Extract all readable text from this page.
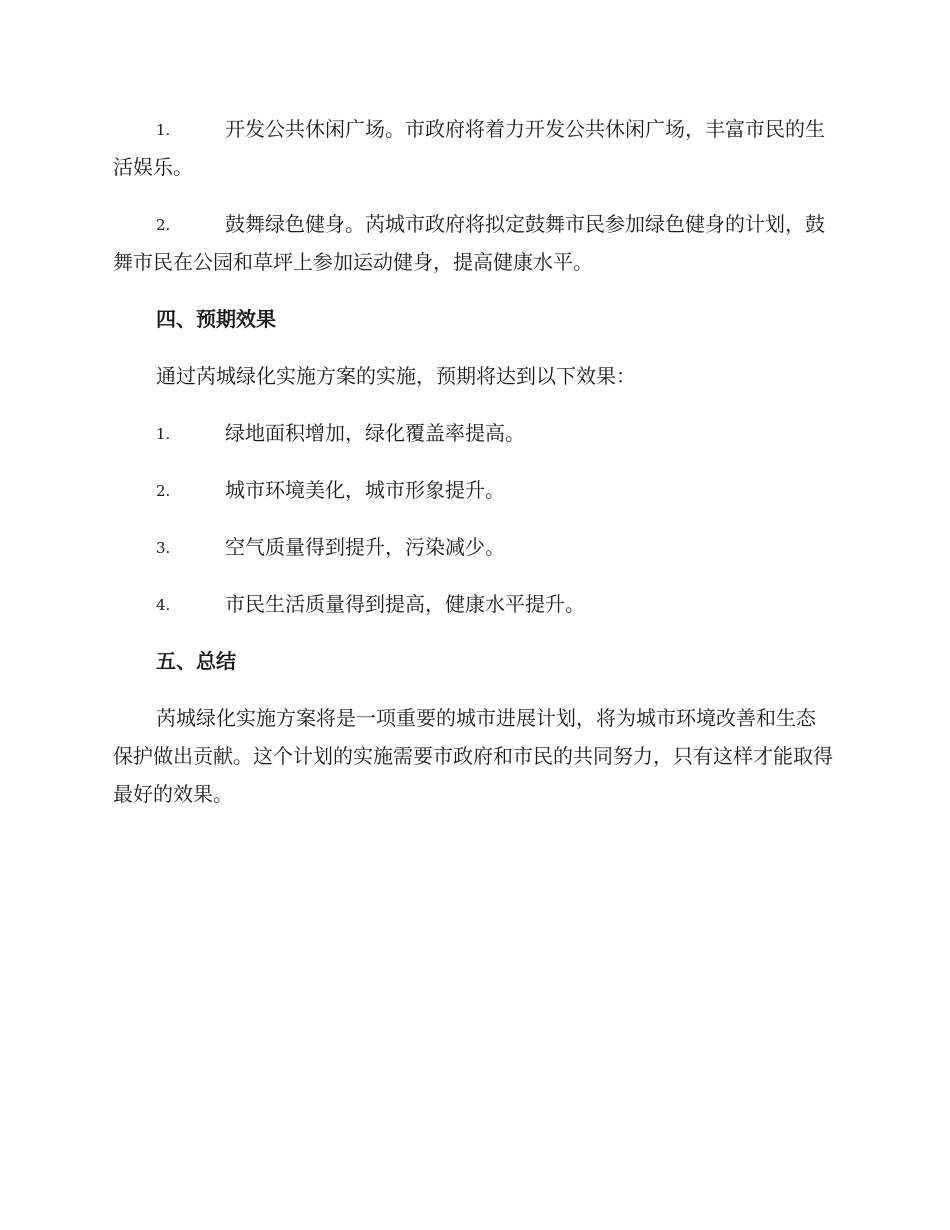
1.	开发公共休闲广场。市政府将着力开发公共休闲广场，丰富市民的生活娱乐。
2.	鼓舞绿色健身。芮城市政府将拟定鼓舞市民参加绿色健身的计划，鼓舞市民在公园和草坪上参加运动健身，提高健康水平。
四、预期效果
通过芮城绿化实施方案的实施，预期将达到以下效果：
1.	绿地面积增加，绿化覆盖率提高。
2.	城市环境美化，城市形象提升。
3.	空气质量得到提升，污染减少。
4.	市民生活质量得到提高，健康水平提升。
五、总结
芮城绿化实施方案将是一项重要的城市进展计划，将为城市环境改善和生态保护做出贡献。这个计划的实施需要市政府和市民的共同努力，只有这样才能取得最好的效果。
